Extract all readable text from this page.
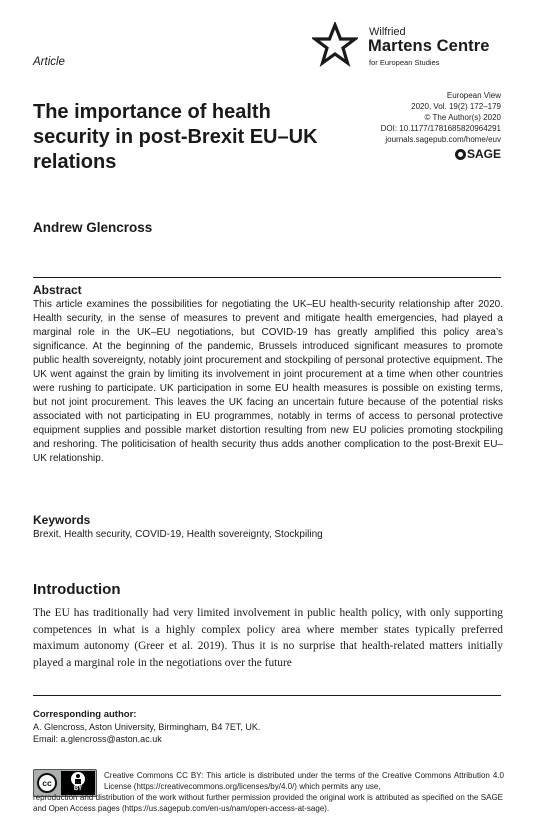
Wilfried
Martens Centre
for European Studies
Article
European View
2020, Vol. 19(2) 172–179
© The Author(s) 2020
DOI: 10.1177/1781685820964291
journals.sagepub.com/home/euv
SAGE
The importance of health security in post-Brexit EU–UK relations
Andrew Glencross
Abstract
This article examines the possibilities for negotiating the UK–EU health-security relationship after 2020. Health security, in the sense of measures to prevent and mitigate health emergencies, had played a marginal role in the UK–EU negotiations, but COVID-19 has greatly amplified this policy area’s significance. At the beginning of the pandemic, Brussels introduced significant measures to promote public health sovereignty, notably joint procurement and stockpiling of personal protective equipment. The UK went against the grain by limiting its involvement in joint procurement at a time when other countries were rushing to participate. UK participation in some EU health measures is possible on existing terms, but not joint procurement. This leaves the UK facing an uncertain future because of the potential risks associated with not participating in EU programmes, notably in terms of access to personal protective equipment supplies and possible market distortion resulting from new EU policies promoting stockpiling and reshoring. The politicisation of health security thus adds another complication to the post-Brexit EU–UK relationship.
Keywords
Brexit, Health security, COVID-19, Health sovereignty, Stockpiling
Introduction
The EU has traditionally had very limited involvement in public health policy, with only supporting competences in what is a highly complex policy area where member states typically preferred maximum autonomy (Greer et al. 2019). Thus it is no surprise that health-related matters initially played a marginal role in the negotiations over the future
Corresponding author:
A. Glencross, Aston University, Birmingham, B4 7ET, UK.
Email: a.glencross@aston.ac.uk
cc
BY
Creative Commons CC BY: This article is distributed under the terms of the Creative Commons Attribution 4.0 License (https://creativecommons.org/licenses/by/4.0/) which permits any use,
reproduction and distribution of the work without further permission provided the original work is attributed as specified on the SAGE and Open Access pages (https://us.sagepub.com/en-us/nam/open-access-at-sage).
